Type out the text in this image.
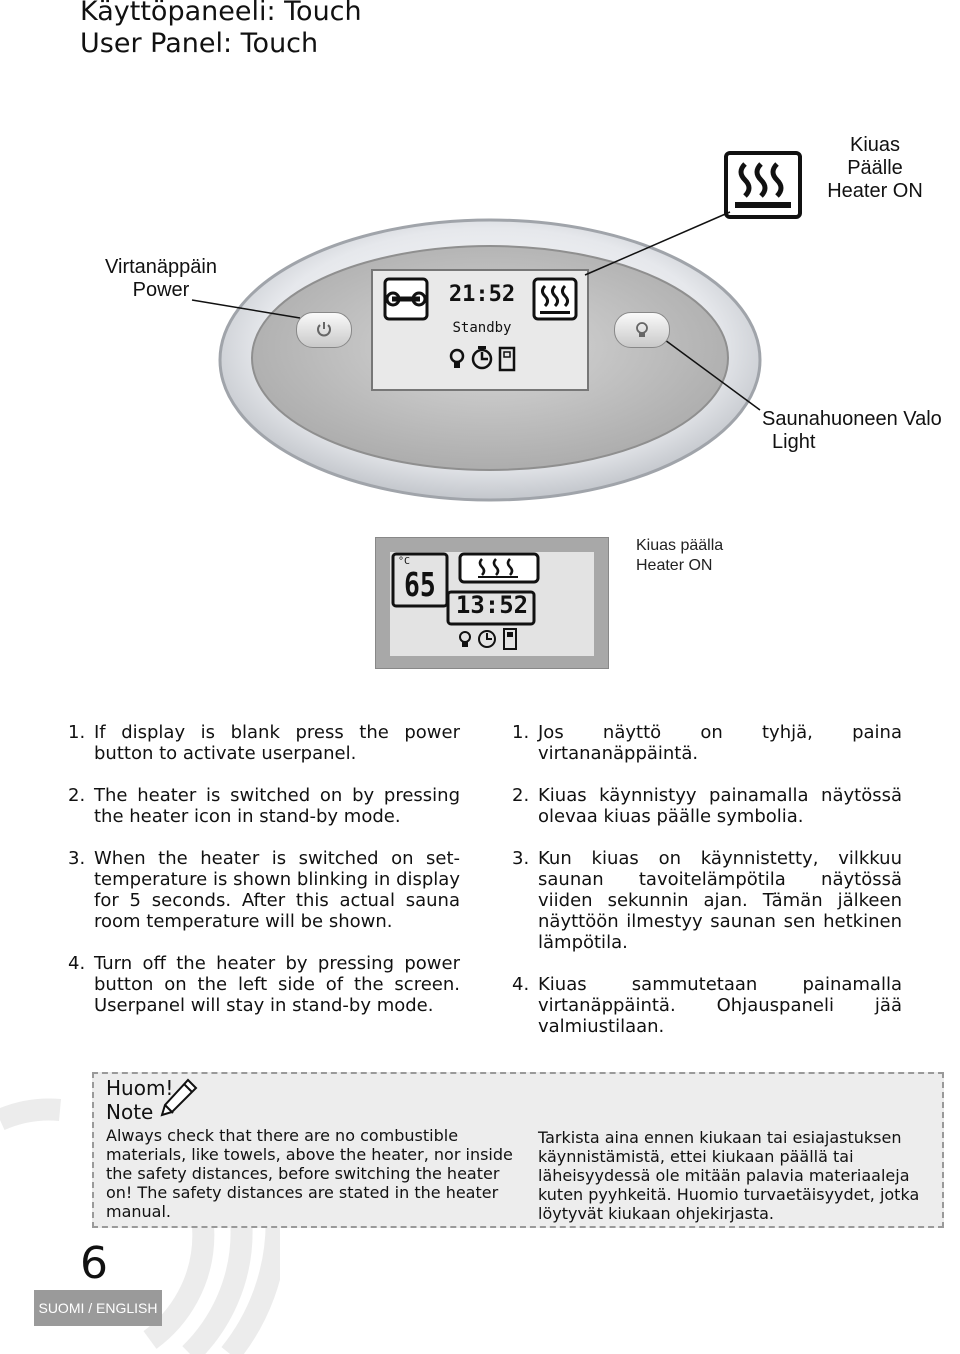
Käyttöpaneeli: Touch
User Panel: Touch
Kiuas
Päälle
Heater ON
Virtanäppäin
Power
Saunahuoneen Valo
Light
21:52
Standby
°C
65
13:52
Kiuas päälla
Heater ON
1. If display is blank press the power button to activate userpanel.
2. The heater is switched on by pressing the heater icon in stand-by mode.
3. When the heater is switched on set-temperature is shown blinking in display for 5 seconds. After this actual sauna room temperature will be shown.
4. Turn off the heater by pressing power button on the left side of the screen. Userpanel will stay in stand-by mode.
1. Jos näyttö on tyhjä, paina virtananäppäintä.
2. Kiuas käynnistyy painamalla näytössä olevaa kiuas päälle symbolia.
3. Kun kiuas on käynnistetty, vilkkuu saunan tavoitelämpötila näytössä viiden sekunnin ajan. Tämän jälkeen näyttöön ilmestyy saunan sen hetkinen lämpötila.
4. Kiuas sammutetaan painamalla virtanäppäintä. Ohjauspaneli jää valmiustilaan.
Huom!
Note
Always check that there are no combustible materials, like towels, above the heater, nor inside the safety distances, before switching the heater on! The safety distances are stated in the heater manual.
Tarkista aina ennen kiukaan tai esiajastuksen käynnistämistä, ettei kiukaan päällä tai läheisyydessä ole mitään palavia materiaaleja kuten pyyhkeitä. Huomio turvaetäisyydet, jotka löytyvät kiukaan ohjekirjasta.
6
SUOMI / ENGLISH
